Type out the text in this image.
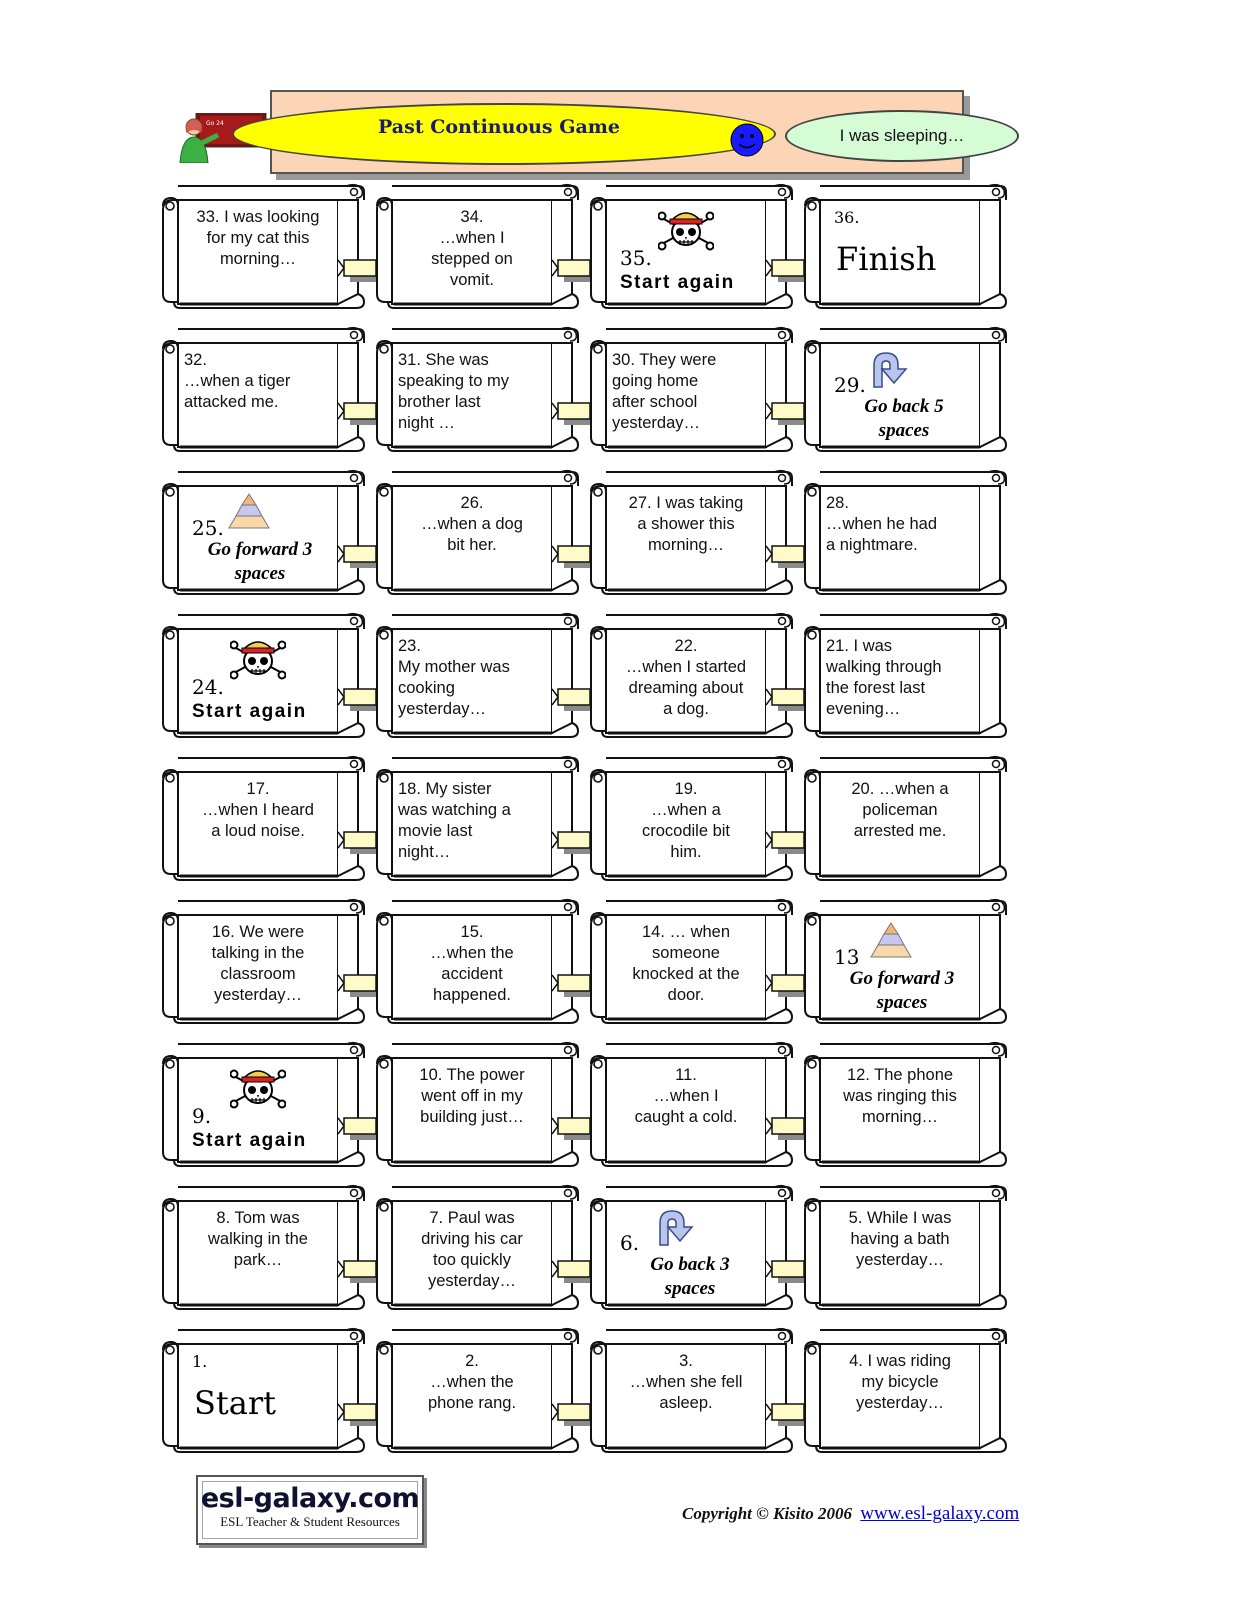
Go 24	Past Continuous Game	I was sleeping…
33. I was looking
for my cat this
morning…
34.
…when I
stepped on
vomit.
35.
Start again
36.
Finish
32.
…when a tiger
attacked me.
31. She was
speaking to my
brother last
night …
30. They were
going home
after school
yesterday…
29.
Go back 5 spaces
25.
Go forward 3 spaces
26.
…when a dog
bit her.
27. I was taking
a shower this
morning…
28.
…when he had
a nightmare.
24.
Start again
23.
My mother was
cooking
yesterday…
22.
…when I started
dreaming about
a dog.
21. I was
walking through
the forest last
evening…
17.
…when I heard
a loud noise.
18. My sister
was watching a
movie last
night…
19.
…when a
crocodile bit
him.
20. …when a
policeman
arrested me.
16. We were
talking in the
classroom
yesterday…
15.
…when the
accident
happened.
14. … when
someone
knocked at the
door.
13
Go forward 3 spaces
9.
Start again
10. The power
went off in my
building just…
11.
…when I
caught a cold.
12. The phone
was ringing this
morning…
8. Tom was
walking in the
park…
7. Paul was
driving his car
too quickly
yesterday…
6.
Go back 3 spaces
5. While I was
having a bath
yesterday…
1.
Start
2.
…when the
phone rang.
3.
…when she fell
asleep.
4. I was riding
my bicycle
yesterday…
esl-galaxy.com
ESL Teacher & Student Resources	Copyright © Kisito 2006 www.esl-galaxy.com
